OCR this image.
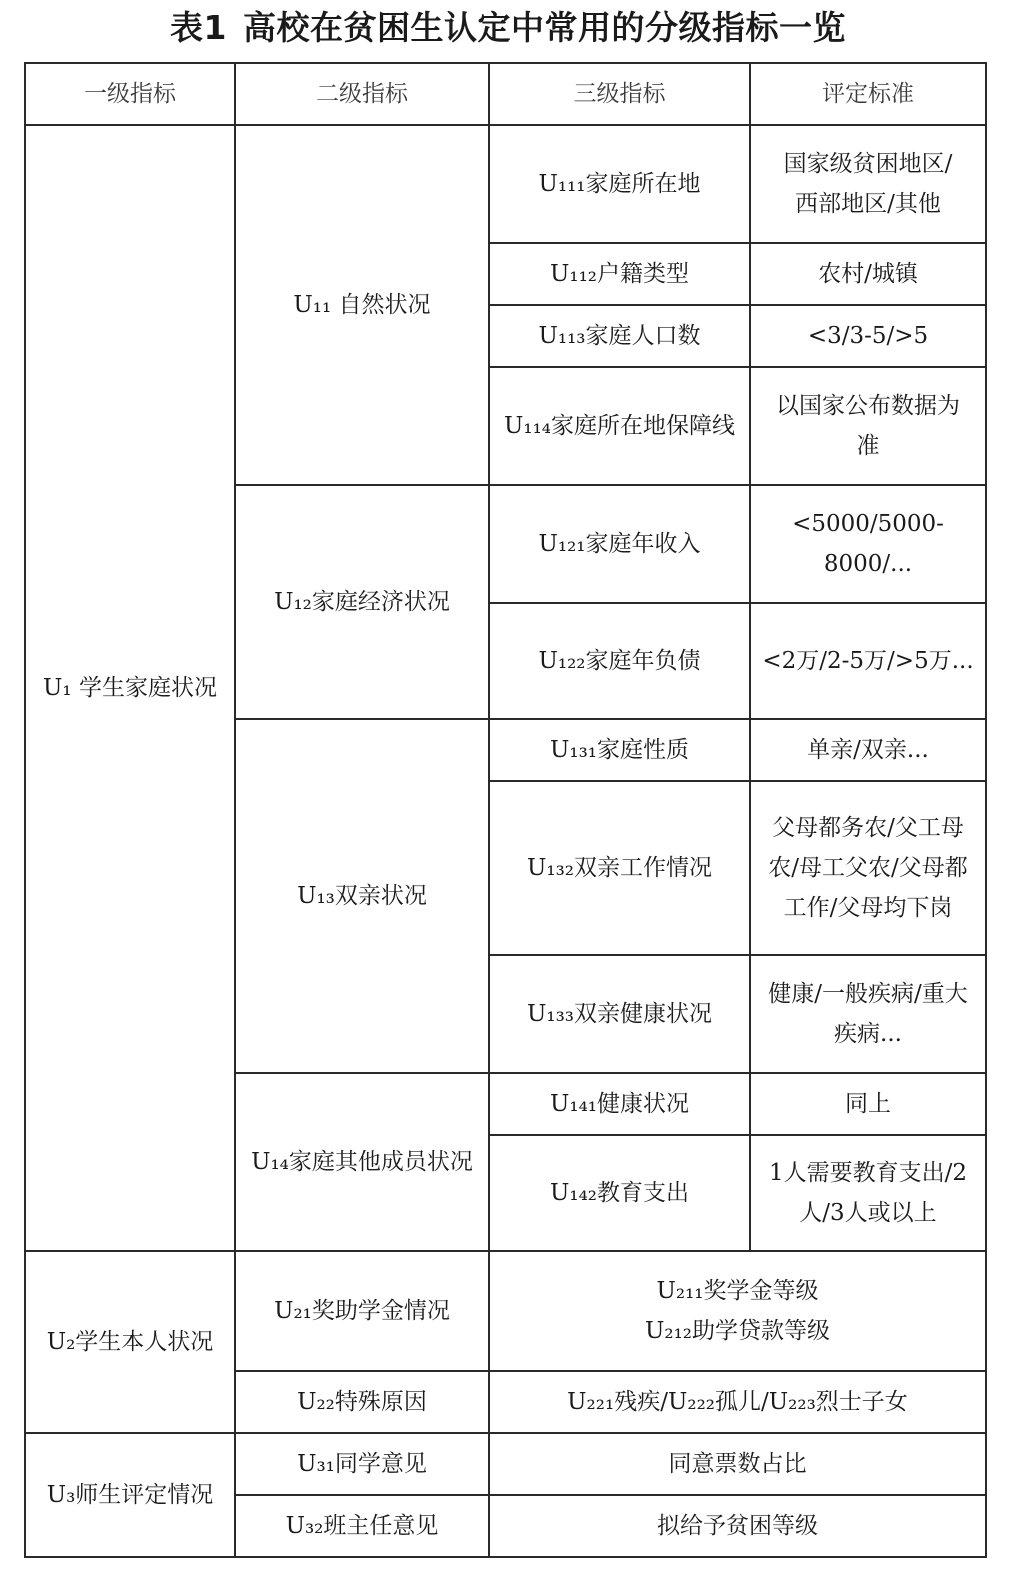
表1 高校在贫困生认定中常用的分级指标一览
一级指标	二级指标	三级指标	评定标准
U₁ 学生家庭状况	U₁₁ 自然状况	U₁₁₁家庭所在地	国家级贫困地区/
西部地区/其他

		U₁₁₂户籍类型	农村/城镇
		U₁₁₃家庭人口数	<3/3-5/>5
		U₁₁₄家庭所在地保障线	以国家公布数据为
准

	U₁₂家庭经济状况	U₁₂₁家庭年收入	<5000/5000-8000/...
		U₁₂₂家庭年负债	<2万/2-5万/>5万...
	U₁₃双亲状况	U₁₃₁家庭性质	单亲/双亲...
		U₁₃₂双亲工作情况	父母都务农/父工母
农/母工父农/父母都
工作/父母均下岗

		U₁₃₃双亲健康状况	健康/一般疾病/重大
疾病...

	U₁₄家庭其他成员状况	U₁₄₁健康状况	同上
		U₁₄₂教育支出	1人需要教育支出/2
人/3人或以上

U₂学生本人状况	U₂₁奖助学金情况	U₂₁₁奖学金等级
U₂₁₂助学贷款等级	

	U₂₂特殊原因	U₂₂₁残疾/U₂₂₂孤儿/U₂₂₃烈士子女	
U₃师生评定情况	U₃₁同学意见	同意票数占比	
	U₃₂班主任意见	拟给予贫困等级	
